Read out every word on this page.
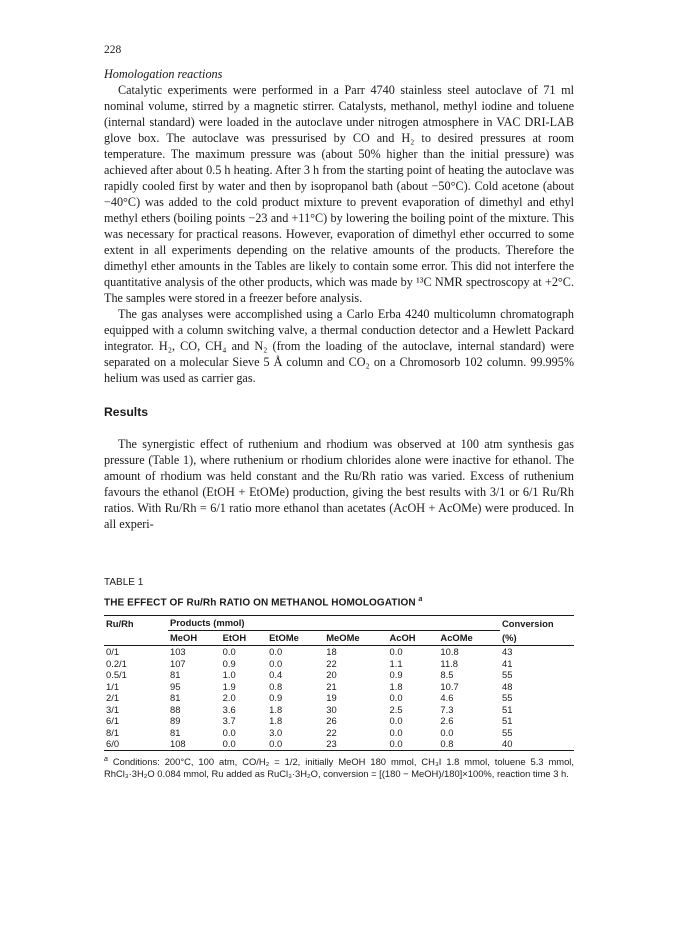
228

Homologation reactions

Catalytic experiments were performed in a Parr 4740 stainless steel autoclave of 71 ml nominal volume, stirred by a magnetic stirrer. Catalysts, methanol, methyl iodine and toluene (internal standard) were loaded in the autoclave under nitrogen atmosphere in VAC DRI-LAB glove box. The autoclave was pressurised by CO and H₂ to desired pressures at room temperature. The maximum pressure was (about 50% higher than the initial pressure) was achieved after about 0.5 h heating. After 3 h from the starting point of heating the autoclave was rapidly cooled first by water and then by isopropanol bath (about −50°C). Cold acetone (about −40°C) was added to the cold product mixture to prevent evaporation of dimethyl and ethyl methyl ethers (boiling points −23 and +11°C) by lowering the boiling point of the mixture. This was necessary for practical reasons. However, evaporation of dimethyl ether occurred to some extent in all experiments depending on the relative amounts of the products. Therefore the dimethyl ether amounts in the Tables are likely to contain some error. This did not interfere the quantitative analysis of the other products, which was made by ¹³C NMR spectroscopy at +2°C. The samples were stored in a freezer before analysis.

The gas analyses were accomplished using a Carlo Erba 4240 multicolumn chromatograph equipped with a column switching valve, a thermal conduction detector and a Hewlett Packard integrator. H₂, CO, CH₄ and N₂ (from the loading of the autoclave, internal standard) were separated on a molecular Sieve 5 Å column and CO₂ on a Chromosorb 102 column. 99.995% helium was used as carrier gas.

Results

The synergistic effect of ruthenium and rhodium was observed at 100 atm synthesis gas pressure (Table 1), where ruthenium or rhodium chlorides alone were inactive for ethanol. The amount of rhodium was held constant and the Ru/Rh ratio was varied. Excess of ruthenium favours the ethanol (EtOH + EtOMe) production, giving the best results with 3/1 or 6/1 Ru/Rh ratios. With Ru/Rh = 6/1 ratio more ethanol than acetates (AcOH + AcOMe) were produced. In all experi-

TABLE 1

THE EFFECT OF Ru/Rh RATIO ON METHANOL HOMOLOGATION $^a$

Ru/Rh	Products (mmol)						Conversion
	MeOH	EtOH	EtOMe	MeOMe	AcOH	AcOMe	(%)
0/1	103	0.0	0.0	18	0.0	10.8	43
0.2/1	107	0.9	0.0	22	1.1	11.8	41
0.5/1	81	1.0	0.4	20	0.9	8.5	55
1/1	95	1.9	0.8	21	1.8	10.7	48
2/1	81	2.0	0.9	19	0.0	4.6	55
3/1	88	3.6	1.8	30	2.5	7.3	51
6/1	89	3.7	1.8	26	0.0	2.6	51
8/1	81	0.0	3.0	22	0.0	0.0	55
6/0	108	0.0	0.0	23	0.0	0.8	40

$^a$ Conditions: 200°C, 100 atm, CO/H₂ = 1/2, initially MeOH 180 mmol, CH₃I 1.8 mmol, toluene 5.3 mmol, RhCl₃·3H₂O 0.084 mmol, Ru added as RuCl₃·3H₂O, conversion = [(180 − MeOH)/180]×100%, reaction time 3 h.
